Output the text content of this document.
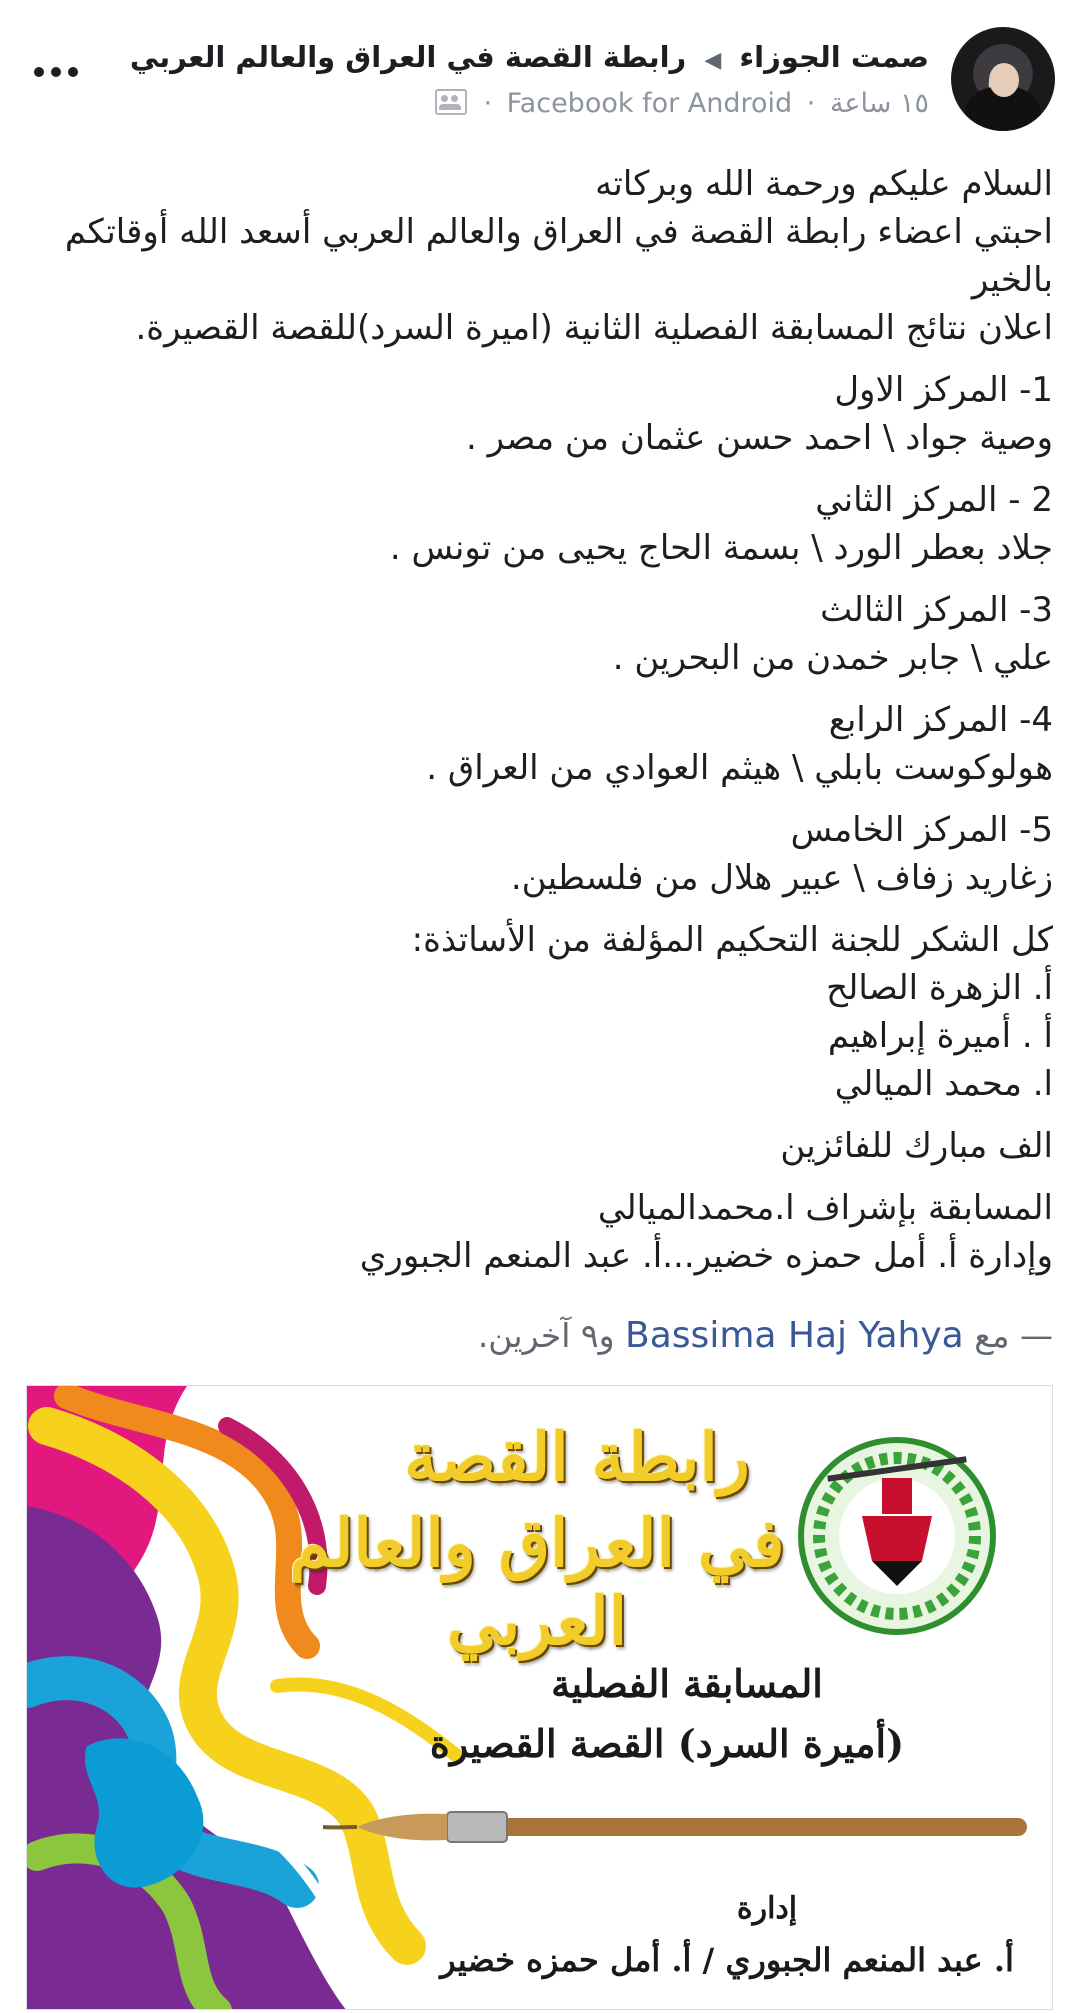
صمت الجوزاء ◀ رابطة القصة في العراق والعالم العربي
١٥ ساعة · Facebook for Android ·
السلام عليكم ورحمة الله وبركاته
احبتي اعضاء رابطة القصة في العراق والعالم العربي أسعد الله أوقاتكم
بالخير
اعلان نتائج المسابقة الفصلية الثانية (اميرة السرد)للقصة القصيرة.
1- المركز الاول
وصية جواد \ احمد حسن عثمان من مصر .
2 - المركز الثاني
جلاد بعطر الورد \ بسمة الحاج يحيى من تونس .
3- المركز الثالث
علي \ جابر خمدن من البحرين .
4- المركز الرابع
هولوكوست بابلي \ هيثم العوادي من العراق .
5- المركز الخامس
زغاريد زفاف \ عبير هلال من فلسطين.
كل الشكر للجنة التحكيم المؤلفة من الأساتذة:
أ. الزهرة الصالح
أ . أميرة إبراهيم
ا. محمد الميالي
الف مبارك للفائزين
المسابقة بإشراف ا.محمدالميالي
وإدارة أ. أمل حمزه خضير...أ. عبد المنعم الجبوري
— مع Bassima Haj Yahya و٩ آخرين.
رابطة القصة
في العراق والعالم العربي
المسابقة الفصلية
(أميرة السرد) القصة القصيرة
إدارة
أ. عبد المنعم الجبوري / أ. أمل حمزه خضير
